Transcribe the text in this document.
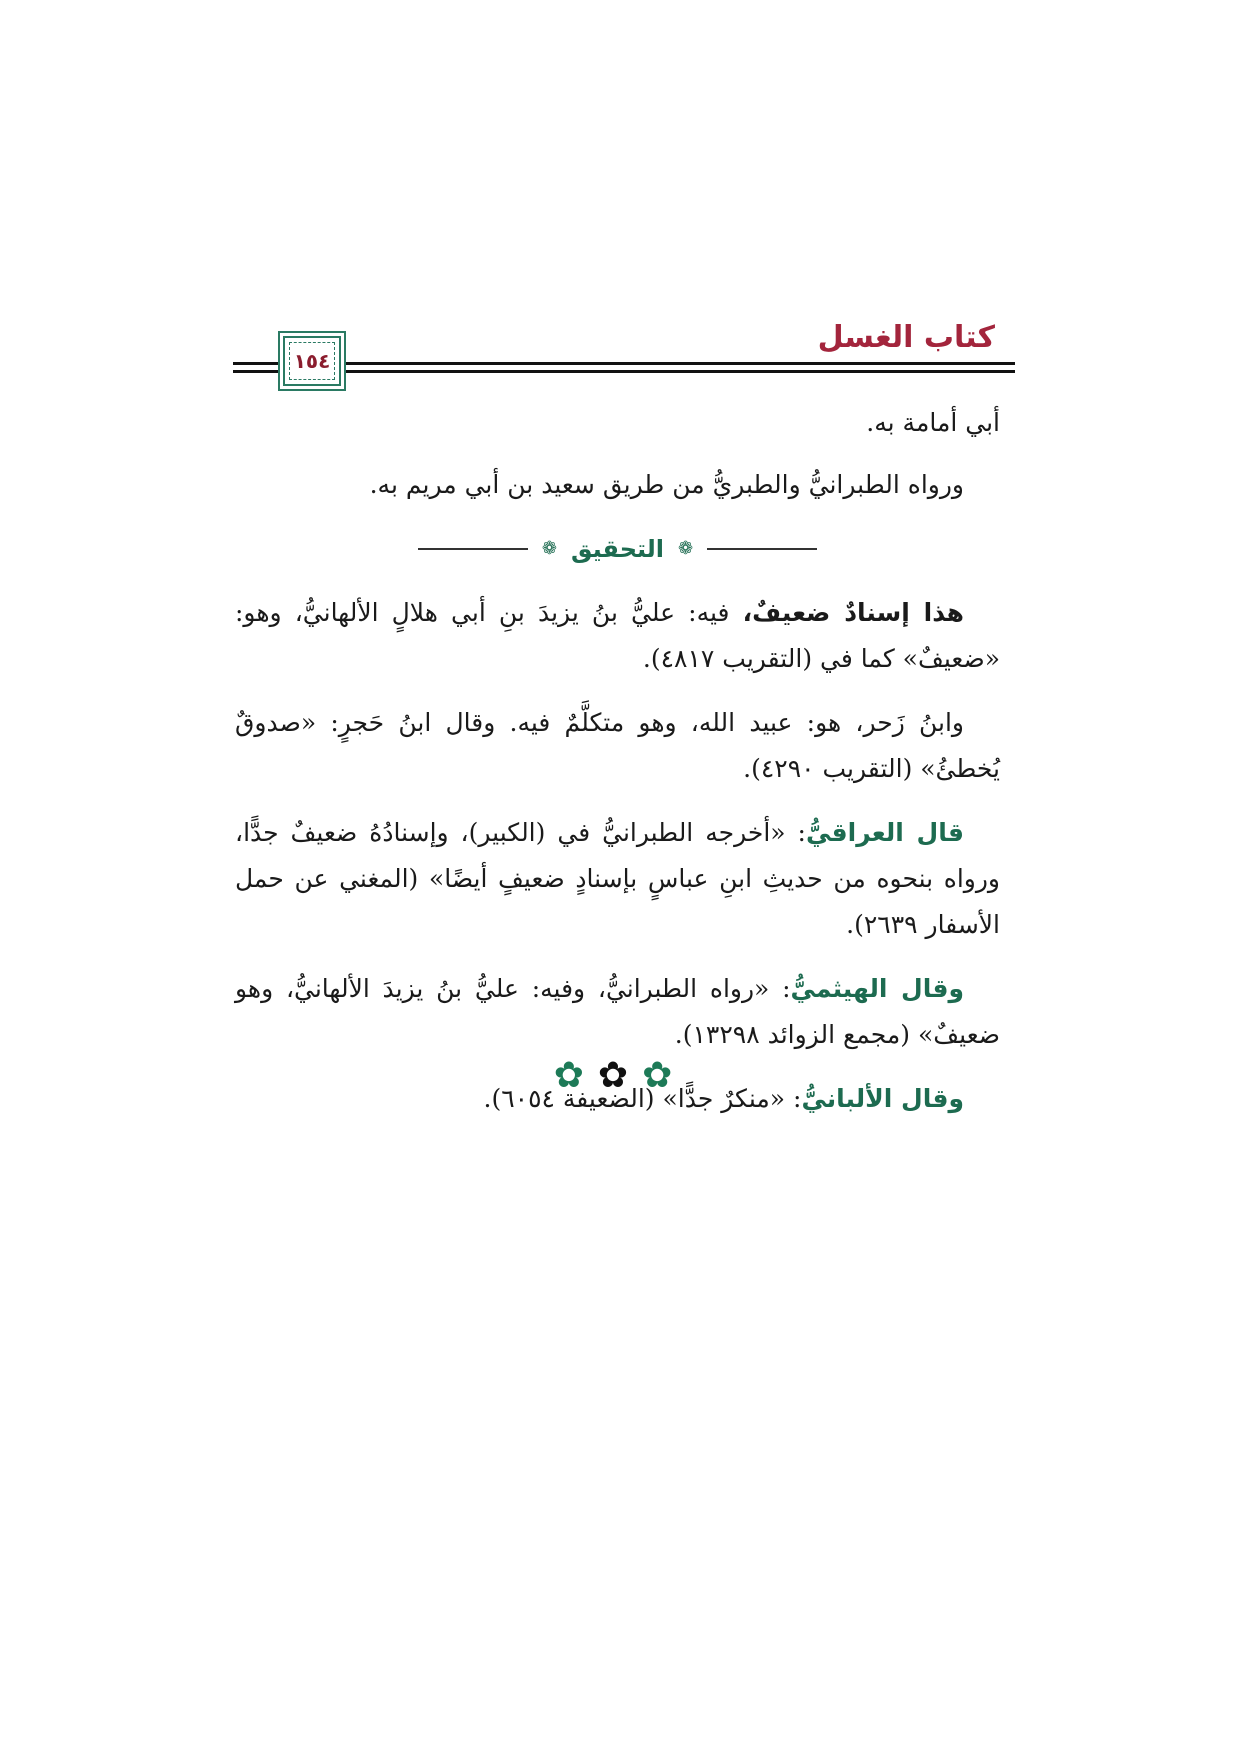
كتاب الغسل
١٥٤

أبي أمامة به.

ورواه الطبرانيُّ والطبريُّ من طريق سعيد بن أبي مريم به.

❁
التحقيق
❁

هذا إسنادٌ ضعيفٌ، فيه: عليُّ بنُ يزيدَ بنِ أبي هلالٍ الألهانيُّ، وهو: «ضعيفٌ» كما في (التقريب ٤٨١٧).

وابنُ زَحر، هو: عبيد الله، وهو متكلَّمٌ فيه. وقال ابنُ حَجرٍ: «صدوقٌ يُخطئُ» (التقريب ٤٢٩٠).

قال العراقيُّ: «أخرجه الطبرانيُّ في (الكبير)، وإسنادُهُ ضعيفٌ جدًّا، ورواه بنحوه من حديثِ ابنِ عباسٍ بإسنادٍ ضعيفٍ أيضًا» (المغني عن حمل الأسفار ٢٦٣٩).

وقال الهيثميُّ: «رواه الطبرانيُّ، وفيه: عليُّ بنُ يزيدَ الألهانيُّ، وهو ضعيفٌ» (مجمع الزوائد ١٣٢٩٨).

وقال الألبانيُّ: «منكرٌ جدًّا» (الضعيفة ٦٠٥٤).

✿✿✿
